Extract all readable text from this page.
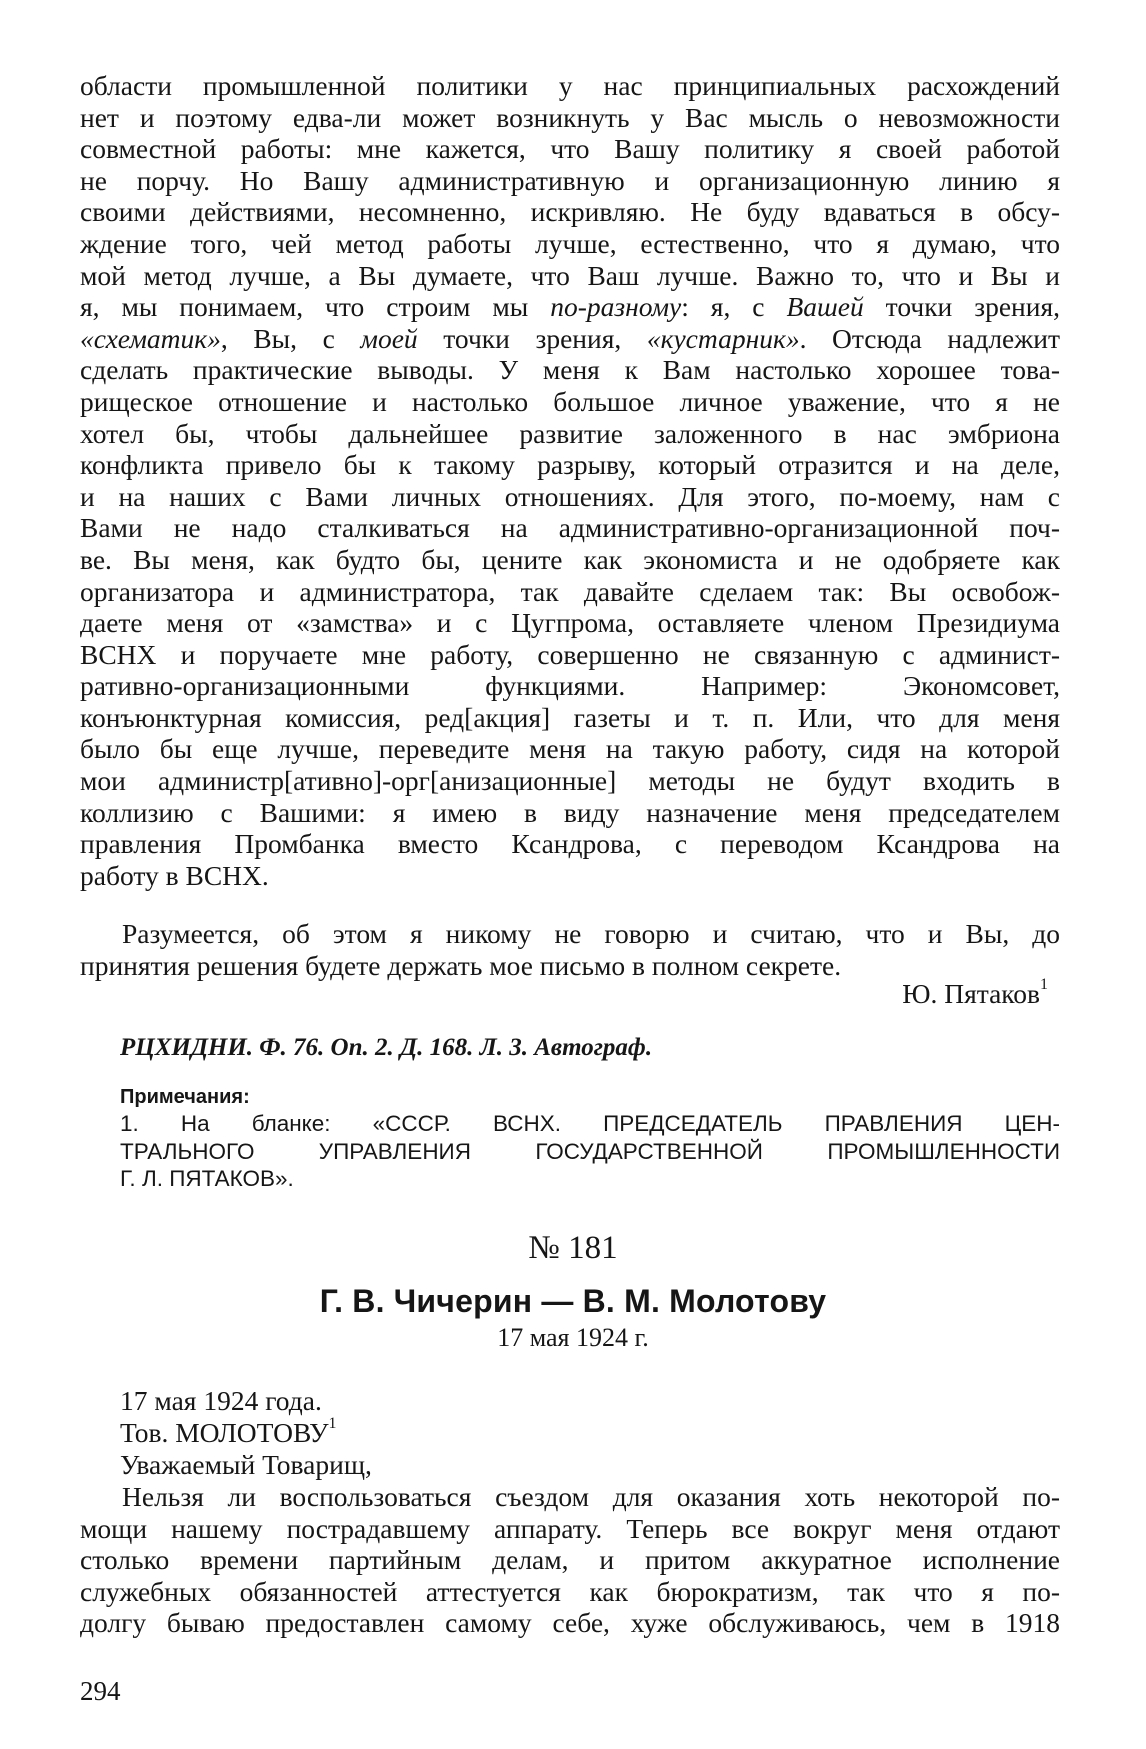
области промышленной политики у нас принципиальных расхождений
нет и поэтому едва-ли может возникнуть у Вас мысль о невозможности
совместной работы: мне кажется, что Вашу политику я своей работой
не порчу. Но Вашу административную и организационную линию я
своими действиями, несомненно, искривляю. Не буду вдаваться в обсу-
ждение того, чей метод работы лучше, естественно, что я думаю, что
мой метод лучше, а Вы думаете, что Ваш лучше. Важно то, что и Вы и
я, мы понимаем, что строим мы по-разному: я, с Вашей точки зрения,
«схематик», Вы, с моей точки зрения, «кустарник». Отсюда надлежит
сделать практические выводы. У меня к Вам настолько хорошее това-
рищеское отношение и настолько большое личное уважение, что я не
хотел бы, чтобы дальнейшее развитие заложенного в нас эмбриона
конфликта привело бы к такому разрыву, который отразится и на деле,
и на наших с Вами личных отношениях. Для этого, по-моему, нам с
Вами не надо сталкиваться на административно-организационной поч-
ве. Вы меня, как будто бы, цените как экономиста и не одобряете как
организатора и администратора, так давайте сделаем так: Вы освобож-
даете меня от «замства» и с Цугпрома, оставляете членом Президиума
ВСНХ и поручаете мне работу, совершенно не связанную с админист-
ративно-организационными функциями. Например: Экономсовет,
конъюнктурная комиссия, ред[акция] газеты и т. п. Или, что для меня
было бы еще лучше, переведите меня на такую работу, сидя на которой
мои администр[ативно]-орг[анизационные] методы не будут входить в
коллизию с Вашими: я имею в виду назначение меня председателем
правления Промбанка вместо Ксандрова, с переводом Ксандрова на
работу в ВСНХ.
Разумеется, об этом я никому не говорю и считаю, что и Вы, до
принятия решения будете держать мое письмо в полном секрете.
Ю. Пятаков$^1$
РЦХИДНИ. Ф. 76. Оп. 2. Д. 168. Л. 3. Автограф.
Примечания:
1. На бланке: «СССР. ВСНХ. ПРЕДСЕДАТЕЛЬ ПРАВЛЕНИЯ ЦЕН-
ТРАЛЬНОГО УПРАВЛЕНИЯ ГОСУДАРСТВЕННОЙ ПРОМЫШЛЕННОСТИ
Г. Л. ПЯТАКОВ».
№ 181
Г. В. Чичерин — В. М. Молотову
17 мая 1924 г.
17 мая 1924 года.
Тов. МОЛОТОВУ$^1$
Уважаемый Товарищ,
Нельзя ли воспользоваться съездом для оказания хоть некоторой по-
мощи нашему пострадавшему аппарату. Теперь все вокруг меня отдают
столько времени партийным делам, и притом аккуратное исполнение
служебных обязанностей аттестуется как бюрократизм, так что я по-
долгу бываю предоставлен самому себе, хуже обслуживаюсь, чем в 1918
294
